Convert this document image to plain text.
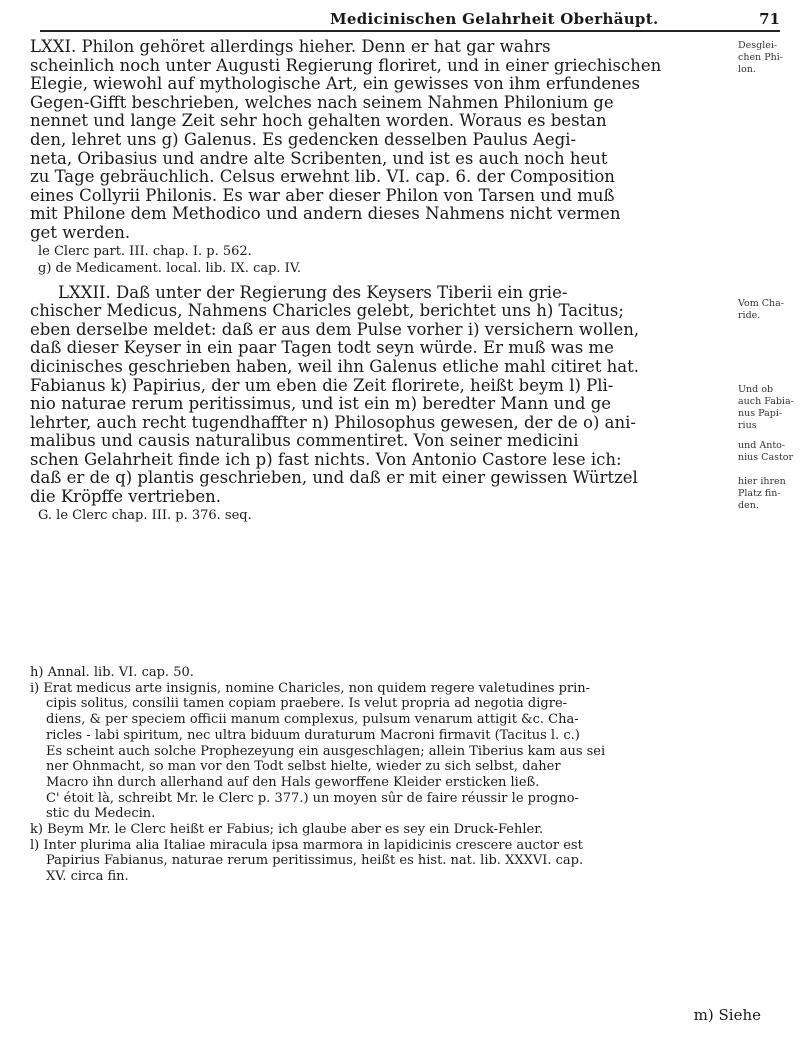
Medicinischen Gelahrheit Oberhäupt.	71
LXXI. Philon gehöret allerdings hieher. Denn er hat gar wahrs
scheinlich noch unter Augusti Regierung floriret, und in einer griechischen
Elegie, wiewohl auf mythologische Art, ein gewisses von ihm erfundenes
Gegen-Gifft beschrieben, welches nach seinem Nahmen Philonium ge
nennet und lange Zeit sehr hoch gehalten worden. Woraus es bestan
den, lehret uns g) Galenus. Es gedencken desselben Paulus Aegi-
neta, Oribasius und andre alte Scribenten, und ist es auch noch heut
zu Tage gebräuchlich. Celsus erwehnt lib. VI. cap. 6. der Composition
eines Collyrii Philonis. Es war aber dieser Philon von Tarsen und muß
mit Philone dem Methodico und andern dieses Nahmens nicht vermen
get werden.
le Clerc part. III. chap. I. p. 562.
g) de Medicament. local. lib. IX. cap. IV.
LXXII. Daß unter der Regierung des Keysers Tiberii ein grie-
chischer Medicus, Nahmens Charicles gelebt, berichtet uns h) Tacitus;
eben derselbe meldet: daß er aus dem Pulse vorher i) versichern wollen,
daß dieser Keyser in ein paar Tagen todt seyn würde. Er muß was me
dicinisches geschrieben haben, weil ihn Galenus etliche mahl citiret hat.
Fabianus k) Papirius, der um eben die Zeit florirete, heißt beym l) Pli-
nio naturae rerum peritissimus, und ist ein m) beredter Mann und ge
lehrter, auch recht tugendhaffter n) Philosophus gewesen, der de o) ani-
malibus und causis naturalibus commentiret. Von seiner medicini
schen Gelahrheit finde ich p) fast nichts. Von Antonio Castore lese ich:
daß er de q) plantis geschrieben, und daß er mit einer gewissen Würtzel
die Kröpffe vertrieben.
G. le Clerc chap. III. p. 376. seq.
Desglei-
chen Phi-
lon.
Vom Cha-
ride.
Und ob
auch Fabia-
nus Papi-
rius
und Anto-
nius Castor
hier ihren
Platz fin-
den.
h) Annal. lib. VI. cap. 50.
i) Erat medicus arte insignis, nomine Charicles, non quidem regere valetudines prin-
cipis solitus, consilii tamen copiam praebere. Is velut propria ad negotia digre-
diens, & per speciem officii manum complexus, pulsum venarum attigit &c. Cha-
ricles - labi spiritum, nec ultra biduum duraturum Macroni firmavit (Tacitus l. c.)
Es scheint auch solche Prophezeyung ein ausgeschlagen; allein Tiberius kam aus sei
ner Ohnmacht, so man vor den Todt selbst hielte, wieder zu sich selbst, daher
Macro ihn durch allerhand auf den Hals geworffene Kleider ersticken ließ.
C' étoit là, schreibt Mr. le Clerc p. 377.) un moyen sûr de faire réussir le progno-
stic du Medecin.
k) Beym Mr. le Clerc heißt er Fabius; ich glaube aber es sey ein Druck-Fehler.
l) Inter plurima alia Italiae miracula ipsa marmora in lapidicinis crescere auctor est
Papirius Fabianus, naturae rerum peritissimus, heißt es hist. nat. lib. XXXVI. cap.
XV. circa fin.
m) Siehe
